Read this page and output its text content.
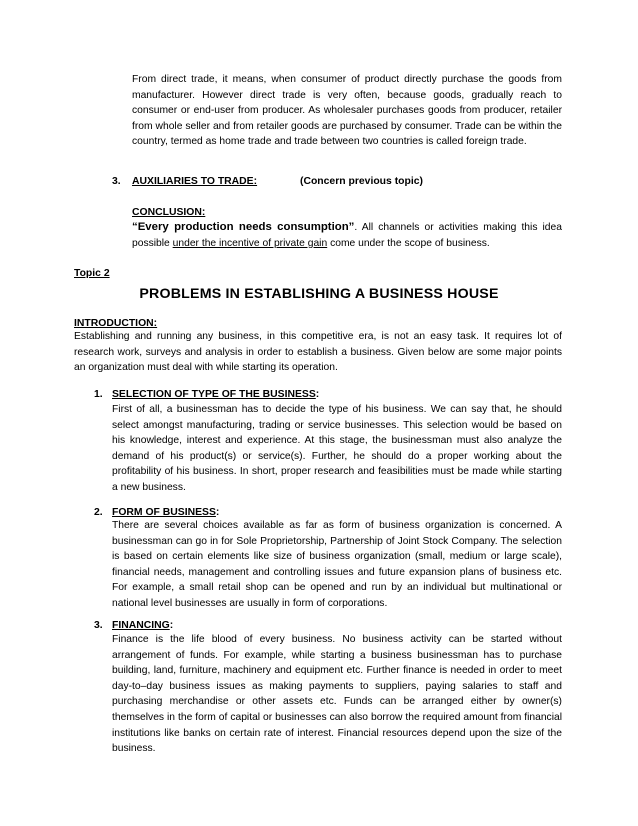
From direct trade, it means, when consumer of product directly purchase the goods from manufacturer. However direct trade is very often, because goods, gradually reach to consumer or end-user from producer. As wholesaler purchases goods from producer, retailer from whole seller and from retailer goods are purchased by consumer. Trade can be within the country, termed as home trade and trade between two countries is called foreign trade.

3. AUXILIARIES TO TRADE:	(Concern previous topic)
CONCLUSION:

“Every production needs consumption”. All channels or activities making this idea possible under the incentive of private gain come under the scope of business.

Topic 2
PROBLEMS IN ESTABLISHING A BUSINESS HOUSE
INTRODUCTION:

Establishing and running any business, in this competitive era, is not an easy task. It requires lot of research work, surveys and analysis in order to establish a business. Given below are some major points an organization must deal with while starting its operation.

1. SELECTION OF TYPE OF THE BUSINESS:

First of all, a businessman has to decide the type of his business. We can say that, he should select amongst manufacturing, trading or service businesses. This selection would be based on his knowledge, interest and experience. At this stage, the businessman must also analyze the demand of his product(s) or service(s). Further, he should do a proper working about the profitability of his business. In short, proper research and feasibilities must be made while starting a new business.

2. FORM OF BUSINESS:

There are several choices available as far as form of business organization is concerned. A businessman can go in for Sole Proprietorship, Partnership of Joint Stock Company. The selection is based on certain elements like size of business organization (small, medium or large scale), financial needs, management and controlling issues and future expansion plans of business etc. For example, a small retail shop can be opened and run by an individual but multinational or national level businesses are usually in form of corporations.

3. FINANCING:

Finance is the life blood of every business. No business activity can be started without arrangement of funds. For example, while starting a business businessman has to purchase building, land, furniture, machinery and equipment etc. Further finance is needed in order to meet day-to–day business issues as making payments to suppliers, paying salaries to staff and purchasing merchandise or other assets etc. Funds can be arranged either by owner(s) themselves in the form of capital or businesses can also borrow the required amount from financial institutions like banks on certain rate of interest. Financial resources depend upon the size of the business.
